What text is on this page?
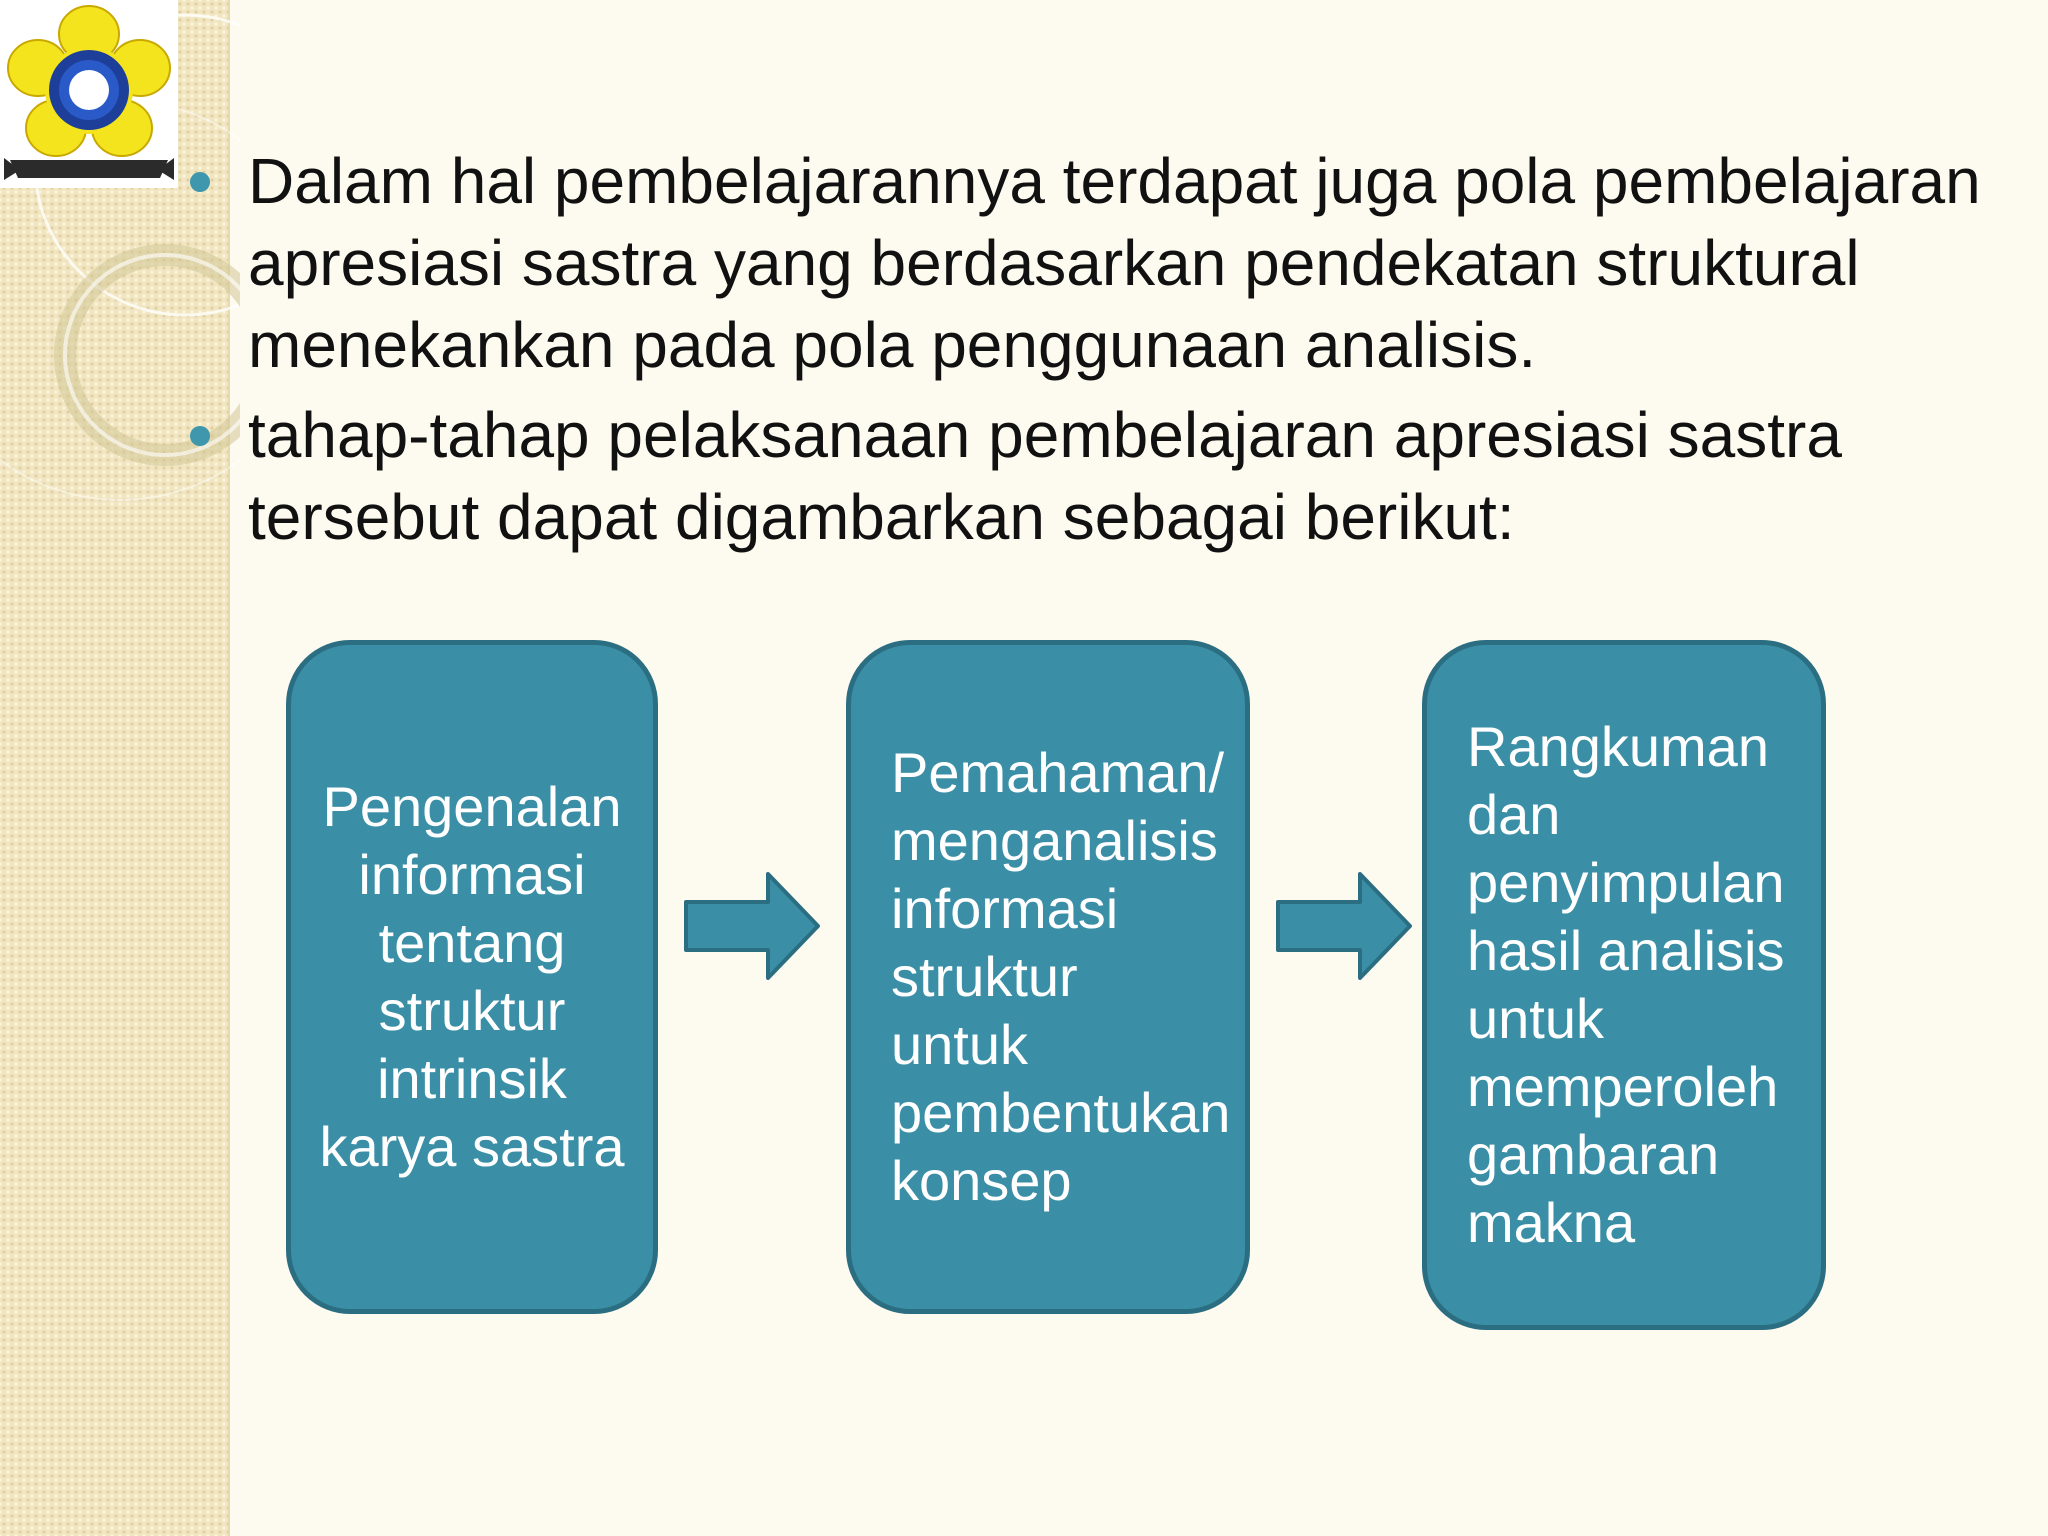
Dalam hal pembelajarannya terdapat juga pola pembelajaran apresiasi sastra yang berdasarkan pendekatan struktural menekankan pada pola penggunaan analisis.
tahap-tahap pelaksanaan pembelajaran apresiasi sastra tersebut dapat digambarkan sebagai berikut:
Pengenalan informasi tentang struktur intrinsik karya sastra
Pemahaman/ menganalisis informasi struktur untuk pembentukan konsep
Rangkuman dan penyimpulan hasil analisis untuk memperoleh gambaran makna
